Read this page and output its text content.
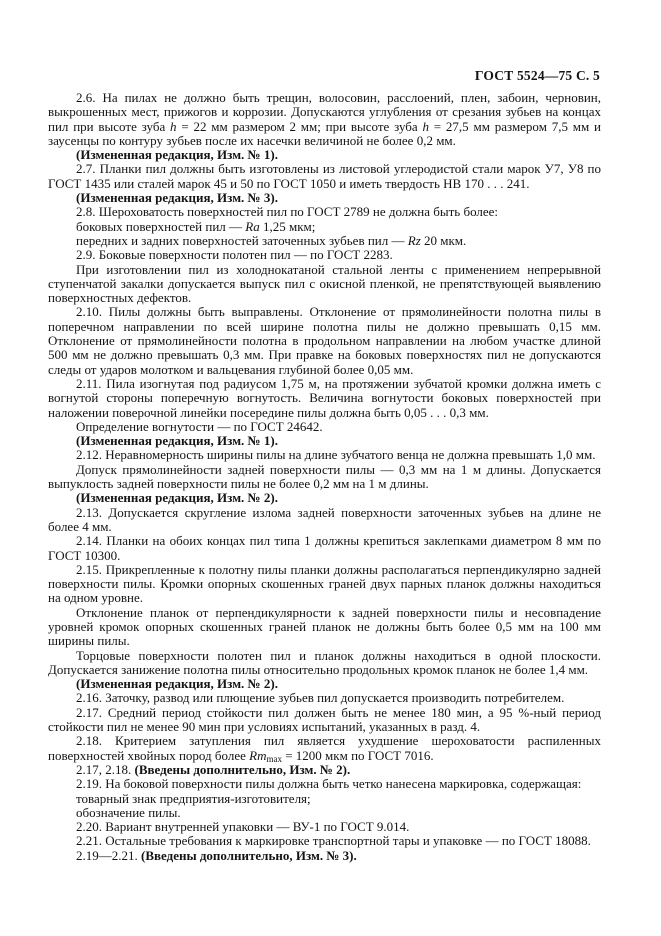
ГОСТ 5524—75 С. 5

2.6. На пилах не должно быть трещин, волосовин, расслоений, плен, забоин, черновин, выкрошенных мест, прижогов и коррозии. Допускаются углубления от срезания зубьев на концах пил при высоте зуба h = 22 мм размером 2 мм; при высоте зуба h = 27,5 мм размером 7,5 мм и заусенцы по контуру зубьев после их насечки величиной не более 0,2 мм.

(Измененная редакция, Изм. № 1).

2.7. Планки пил должны быть изготовлены из листовой углеродистой стали марок У7, У8 по ГОСТ 1435 или сталей марок 45 и 50 по ГОСТ 1050 и иметь твердость НВ 170 . . . 241.

(Измененная редакция, Изм. № 3).

2.8. Шероховатость поверхностей пил по ГОСТ 2789 не должна быть более:

боковых поверхностей пил — Ra 1,25 мкм;

передних и задних поверхностей заточенных зубьев пил — Rz 20 мкм.

2.9. Боковые поверхности полотен пил — по ГОСТ 2283.

При изготовлении пил из холоднокатаной стальной ленты с применением непрерывной ступенчатой закалки допускается выпуск пил с окисной пленкой, не препятствующей выявлению поверхностных дефектов.

2.10. Пилы должны быть выправлены. Отклонение от прямолинейности полотна пилы в поперечном направлении по всей ширине полотна пилы не должно превышать 0,15 мм. Отклонение от прямолинейности полотна в продольном направлении на любом участке длиной 500 мм не должно превышать 0,3 мм. При правке на боковых поверхностях пил не допускаются следы от ударов молотком и вальцевания глубиной более 0,05 мм.

2.11. Пила изогнутая под радиусом 1,75 м, на протяжении зубчатой кромки должна иметь с вогнутой стороны поперечную вогнутость. Величина вогнутости боковых поверхностей при наложении поверочной линейки посередине пилы должна быть 0,05 . . . 0,3 мм.

Определение вогнутости — по ГОСТ 24642.

(Измененная редакция, Изм. № 1).

2.12. Неравномерность ширины пилы на длине зубчатого венца не должна превышать 1,0 мм.

Допуск прямолинейности задней поверхности пилы — 0,3 мм на 1 м длины. Допускается выпуклость задней поверхности пилы не более 0,2 мм на 1 м длины.

(Измененная редакция, Изм. № 2).

2.13. Допускается скругление излома задней поверхности заточенных зубьев на длине не более 4 мм.

2.14. Планки на обоих концах пил типа 1 должны крепиться заклепками диаметром 8 мм по ГОСТ 10300.

2.15. Прикрепленные к полотну пилы планки должны располагаться перпендикулярно задней поверхности пилы. Кромки опорных скошенных граней двух парных планок должны находиться на одном уровне.

Отклонение планок от перпендикулярности к задней поверхности пилы и несовпадение уровней кромок опорных скошенных граней планок не должны быть более 0,5 мм на 100 мм ширины пилы.

Торцовые поверхности полотен пил и планок должны находиться в одной плоскости. Допускается занижение полотна пилы относительно продольных кромок планок не более 1,4 мм.

(Измененная редакция, Изм. № 2).

2.16. Заточку, развод или плющение зубьев пил допускается производить потребителем.

2.17. Средний период стойкости пил должен быть не менее 180 мин, а 95 %-ный период стойкости пил не менее 90 мин при условиях испытаний, указанных в разд. 4.

2.18. Критерием затупления пил является ухудшение шероховатости распиленных поверхностей хвойных пород более $Rm_{max} = 1200$ мкм по ГОСТ 7016.

2.17, 2.18. (Введены дополнительно, Изм. № 2).

2.19. На боковой поверхности пилы должна быть четко нанесена маркировка, содержащая:

товарный знак предприятия-изготовителя;

обозначение пилы.

2.20. Вариант внутренней упаковки — ВУ-1 по ГОСТ 9.014.

2.21. Остальные требования к маркировке транспортной тары и упаковке — по ГОСТ 18088.

2.19—2.21. (Введены дополнительно, Изм. № 3).
